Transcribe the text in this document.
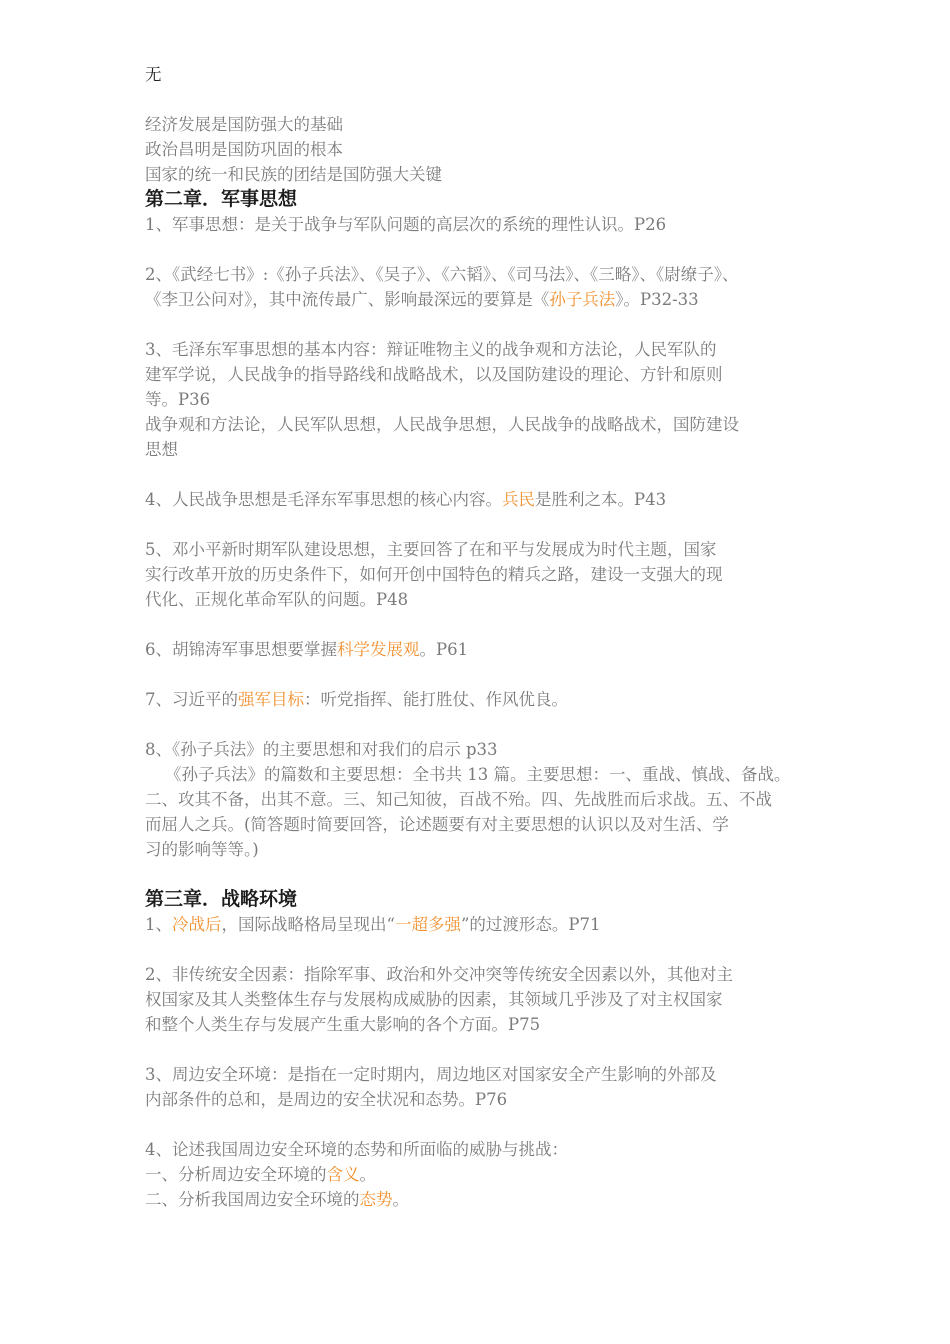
无
经济发展是国防强大的基础
政治昌明是国防巩固的根本
国家的统一和民族的团结是国防强大关键
第二章．军事思想
1、军事思想：是关于战争与军队问题的高层次的系统的理性认识。P26
2、《武经七书》:《孙子兵法》、《吴子》、《六韬》、《司马法》、《三略》、《尉缭子》、
《李卫公问对》，其中流传最广、影响最深远的要算是《孙子兵法》。P32-33
3、毛泽东军事思想的基本内容：辩证唯物主义的战争观和方法论，人民军队的
建军学说，人民战争的指导路线和战略战术，以及国防建设的理论、方针和原则
等。P36
战争观和方法论，人民军队思想，人民战争思想，人民战争的战略战术，国防建设
思想
4、人民战争思想是毛泽东军事思想的核心内容。兵民是胜利之本。P43
5、邓小平新时期军队建设思想，主要回答了在和平与发展成为时代主题，国家
实行改革开放的历史条件下，如何开创中国特色的精兵之路，建设一支强大的现
代化、正规化革命军队的问题。P48
6、胡锦涛军事思想要掌握科学发展观。P61
7、习近平的强军目标：听党指挥、能打胜仗、作风优良。
8、《孙子兵法》的主要思想和对我们的启示 p33
《孙子兵法》的篇数和主要思想：全书共 13 篇。主要思想：一、重战、慎战、备战。
二、攻其不备，出其不意。三、知己知彼，百战不殆。四、先战胜而后求战。五、不战
而屈人之兵。(简答题时简要回答，论述题要有对主要思想的认识以及对生活、学
习的影响等等。)
第三章．战略环境
1、冷战后，国际战略格局呈现出“一超多强”的过渡形态。P71
2、非传统安全因素：指除军事、政治和外交冲突等传统安全因素以外，其他对主
权国家及其人类整体生存与发展构成威胁的因素，其领域几乎涉及了对主权国家
和整个人类生存与发展产生重大影响的各个方面。P75
3、周边安全环境：是指在一定时期内，周边地区对国家安全产生影响的外部及
内部条件的总和，是周边的安全状况和态势。P76
4、论述我国周边安全环境的态势和所面临的威胁与挑战：
一、分析周边安全环境的含义。
二、分析我国周边安全环境的态势。
